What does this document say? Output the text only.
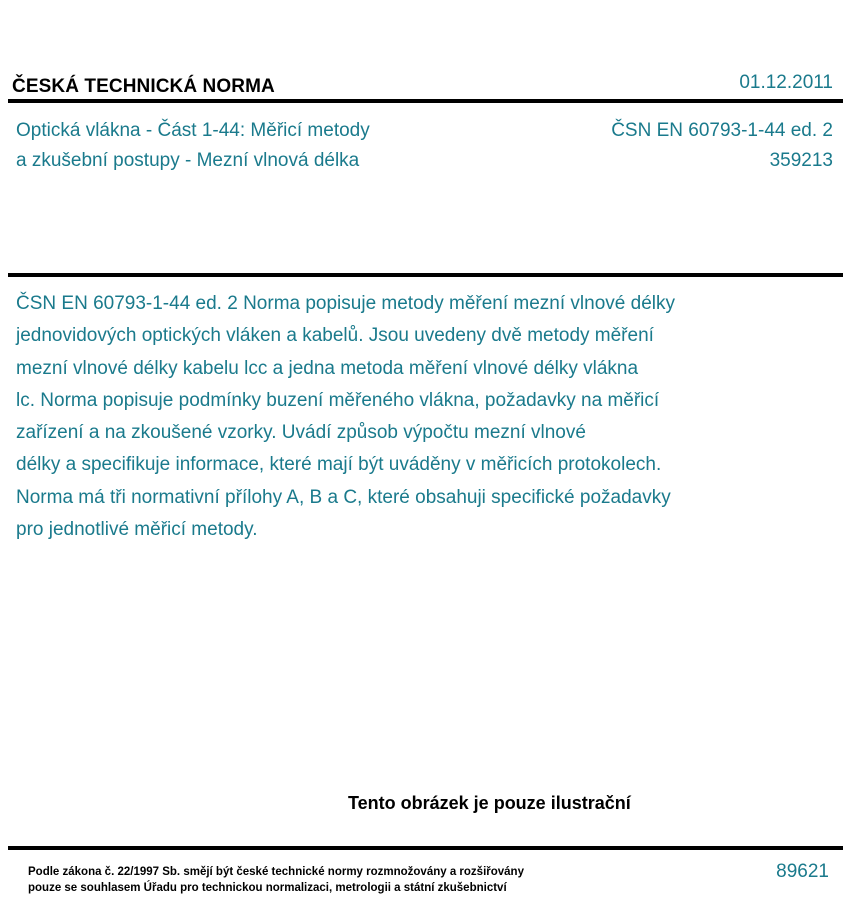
ČESKÁ TECHNICKÁ NORMA	01.12.2011
Optická vlákna - Část 1-44: Měřicí metody
a zkušební postupy - Mezní vlnová délka
ČSN EN 60793-1-44 ed. 2
359213
ČSN EN 60793-1-44 ed. 2 Norma popisuje metody měření mezní vlnové délky
jednovidových optických vláken a kabelů. Jsou uvedeny dvě metody měření
mezní vlnové délky kabelu lcc a jedna metoda měření vlnové délky vlákna
lc. Norma popisuje podmínky buzení měřeného vlákna, požadavky na měřicí
zařízení a na zkoušené vzorky. Uvádí způsob výpočtu mezní vlnové
délky a specifikuje informace, které mají být uváděny v měřicích protokolech.
Norma má tři normativní přílohy A, B a C, které obsahuji specifické požadavky
pro jednotlivé měřicí metody.
Tento obrázek je pouze ilustrační
Podle zákona č. 22/1997 Sb. smějí být české technické normy rozmnožovány a rozšiřovány
pouze se souhlasem Úřadu pro technickou normalizaci, metrologii a státní zkušebnictví
89621
